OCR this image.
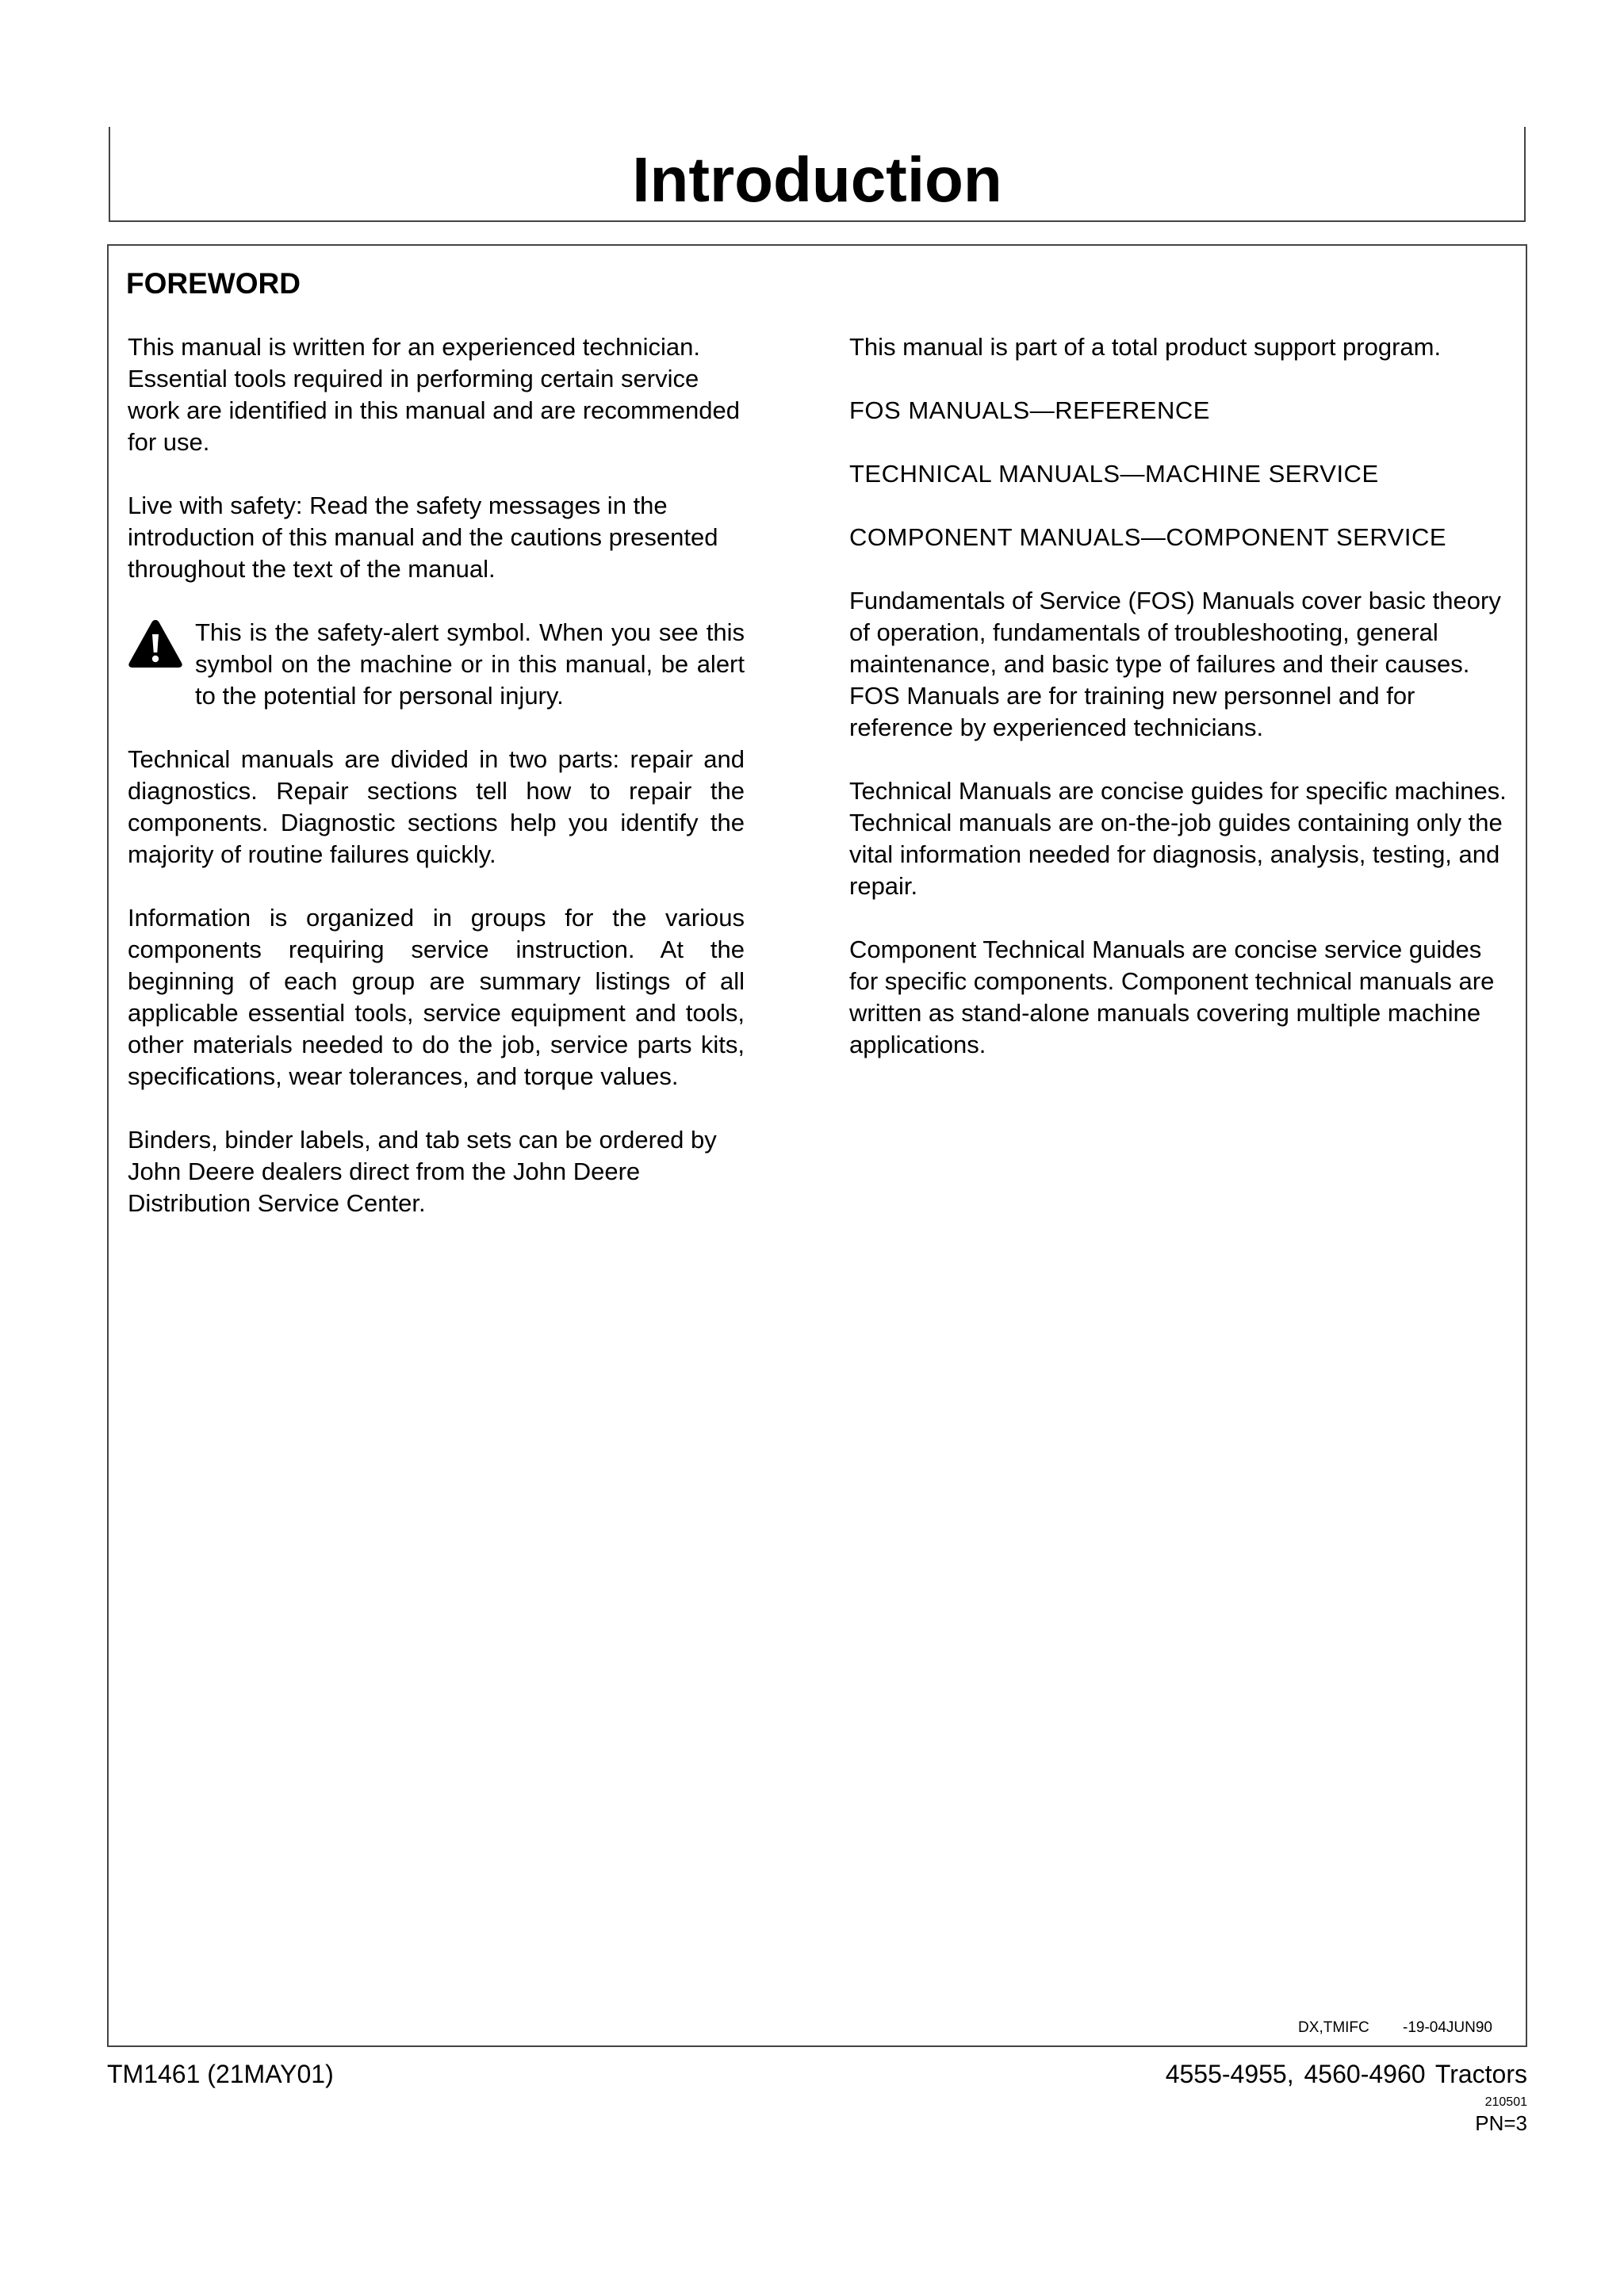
Introduction
FOREWORD

This manual is written for an experienced technician. Essential tools required in performing certain service work are identified in this manual and are recommended for use.

Live with safety: Read the safety messages in the introduction of this manual and the cautions presented throughout the text of the manual.

This is the safety-alert symbol. When you see this symbol on the machine or in this manual, be alert to the potential for personal injury.

Technical manuals are divided in two parts: repair and diagnostics. Repair sections tell how to repair the components. Diagnostic sections help you identify the majority of routine failures quickly.

Information is organized in groups for the various components requiring service instruction. At the beginning of each group are summary listings of all applicable essential tools, service equipment and tools, other materials needed to do the job, service parts kits, specifications, wear tolerances, and torque values.

Binders, binder labels, and tab sets can be ordered by John Deere dealers direct from the John Deere Distribution Service Center.

This manual is part of a total product support program.

FOS MANUALS—REFERENCE

TECHNICAL MANUALS—MACHINE SERVICE

COMPONENT MANUALS—COMPONENT SERVICE

Fundamentals of Service (FOS) Manuals cover basic theory of operation, fundamentals of troubleshooting, general maintenance, and basic type of failures and their causes. FOS Manuals are for training new personnel and for reference by experienced technicians.

Technical Manuals are concise guides for specific machines. Technical manuals are on-the-job guides containing only the vital information needed for diagnosis, analysis, testing, and repair.

Component Technical Manuals are concise service guides for specific components. Component technical manuals are written as stand-alone manuals covering multiple machine applications.

DX,TMIFC        -19-04JUN90
TM1461 (21MAY01)	4555-4955, 4560-4960 Tractors
210501
PN=3
